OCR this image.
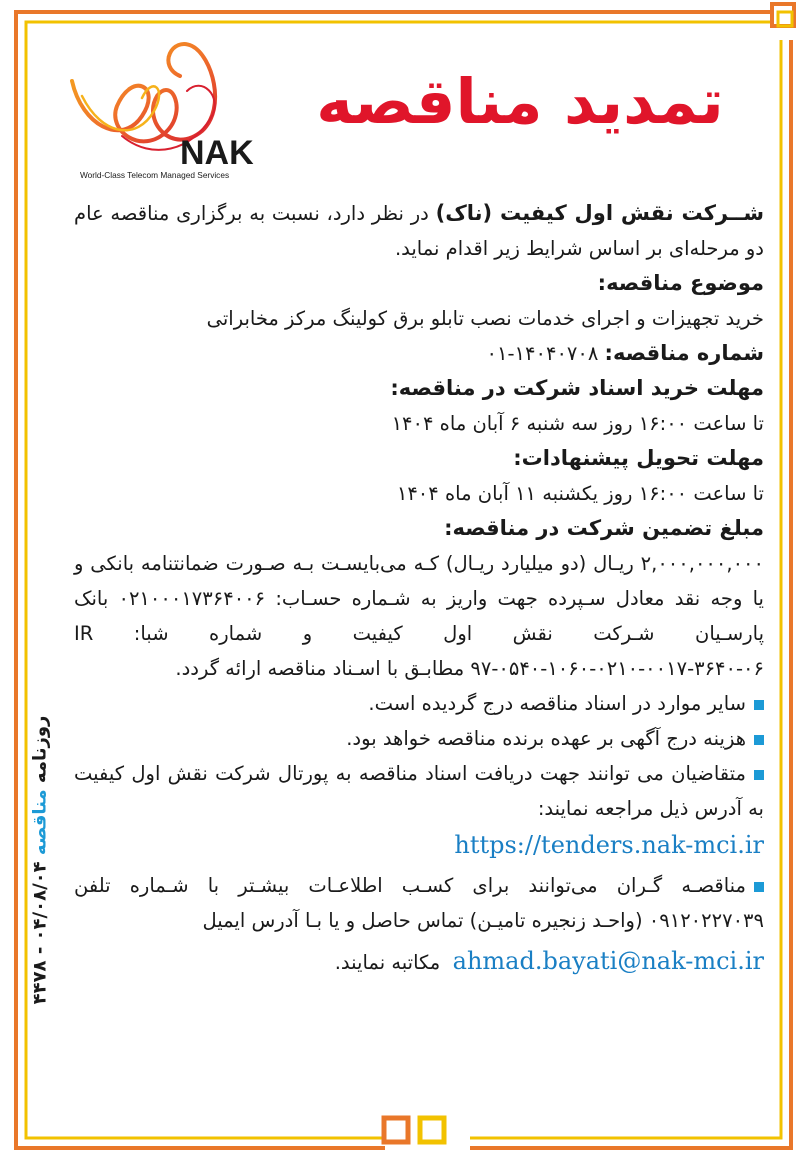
NAK
World-Class Telecom Managed Services
تمدید مناقصه

شــرکت نقش اول کیفیت (ناک) در نظر دارد، نسبت به برگزاری مناقصه عام دو مرحله‌ای بر اساس شرایط زیر اقدام نماید.

موضوع مناقصه:

خرید تجهیزات و اجرای خدمات نصب تابلو برق کولینگ مرکز مخابراتی

شماره مناقصه: ۱۴۰۴۰۷۰۸-۰۱

مهلت خرید اسناد شرکت در مناقصه:

تا ساعت ۱۶:۰۰ روز سه شنبه ۶ آبان ماه ۱۴۰۴

مهلت تحویل پیشنهادات:

تا ساعت ۱۶:۰۰ روز یکشنبه ۱۱ آبان ماه ۱۴۰۴

مبلغ تضمین شرکت در مناقصه:

۲,۰۰۰,۰۰۰,۰۰۰ ریـال (دو میلیارد ریـال) کـه می‌بایسـت بـه صـورت ضمانتنامه بانکی و یا وجه نقد معادل سـپرده جهت واریز به شـماره حسـاب: ۰۲۱۰۰۰۱۷۳۶۴۰۰۶ بانک پارسـیان شـرکت نقش اول کیفیت و شماره شبا: IR ۹۷-۰۵۴۰-۱۰۶۰-۰۲۱۰-۰۰۱۷-۳۶۴۰-۰۶ مطابـق با اسـناد مناقصه ارائه گردد.

سایر موارد در اسناد مناقصه درج گردیده است.

هزینه درج آگهی بر عهده برنده مناقصه خواهد بود.

متقاضیان می توانند جهت دریافت اسناد مناقصه به پورتال شرکت نقش اول کیفیت به آدرس ذیل مراجعه نمایند:

https://tenders.nak-mci.ir

مناقصـه گـران می‌توانند برای کسـب اطلاعـات بیشـتر با شـماره تلفن ۰۹۱۲۰۲۲۷۰۳۹ (واحـد زنجیره تامیـن) تماس حاصل و یا بـا آدرس ایمیل

ahmad.bayati@nak-mci.ir  مکاتبه نمایند.

روزنامه مناقصه ۰۴/۰۸/۰۴ - ۴۴۷۸
